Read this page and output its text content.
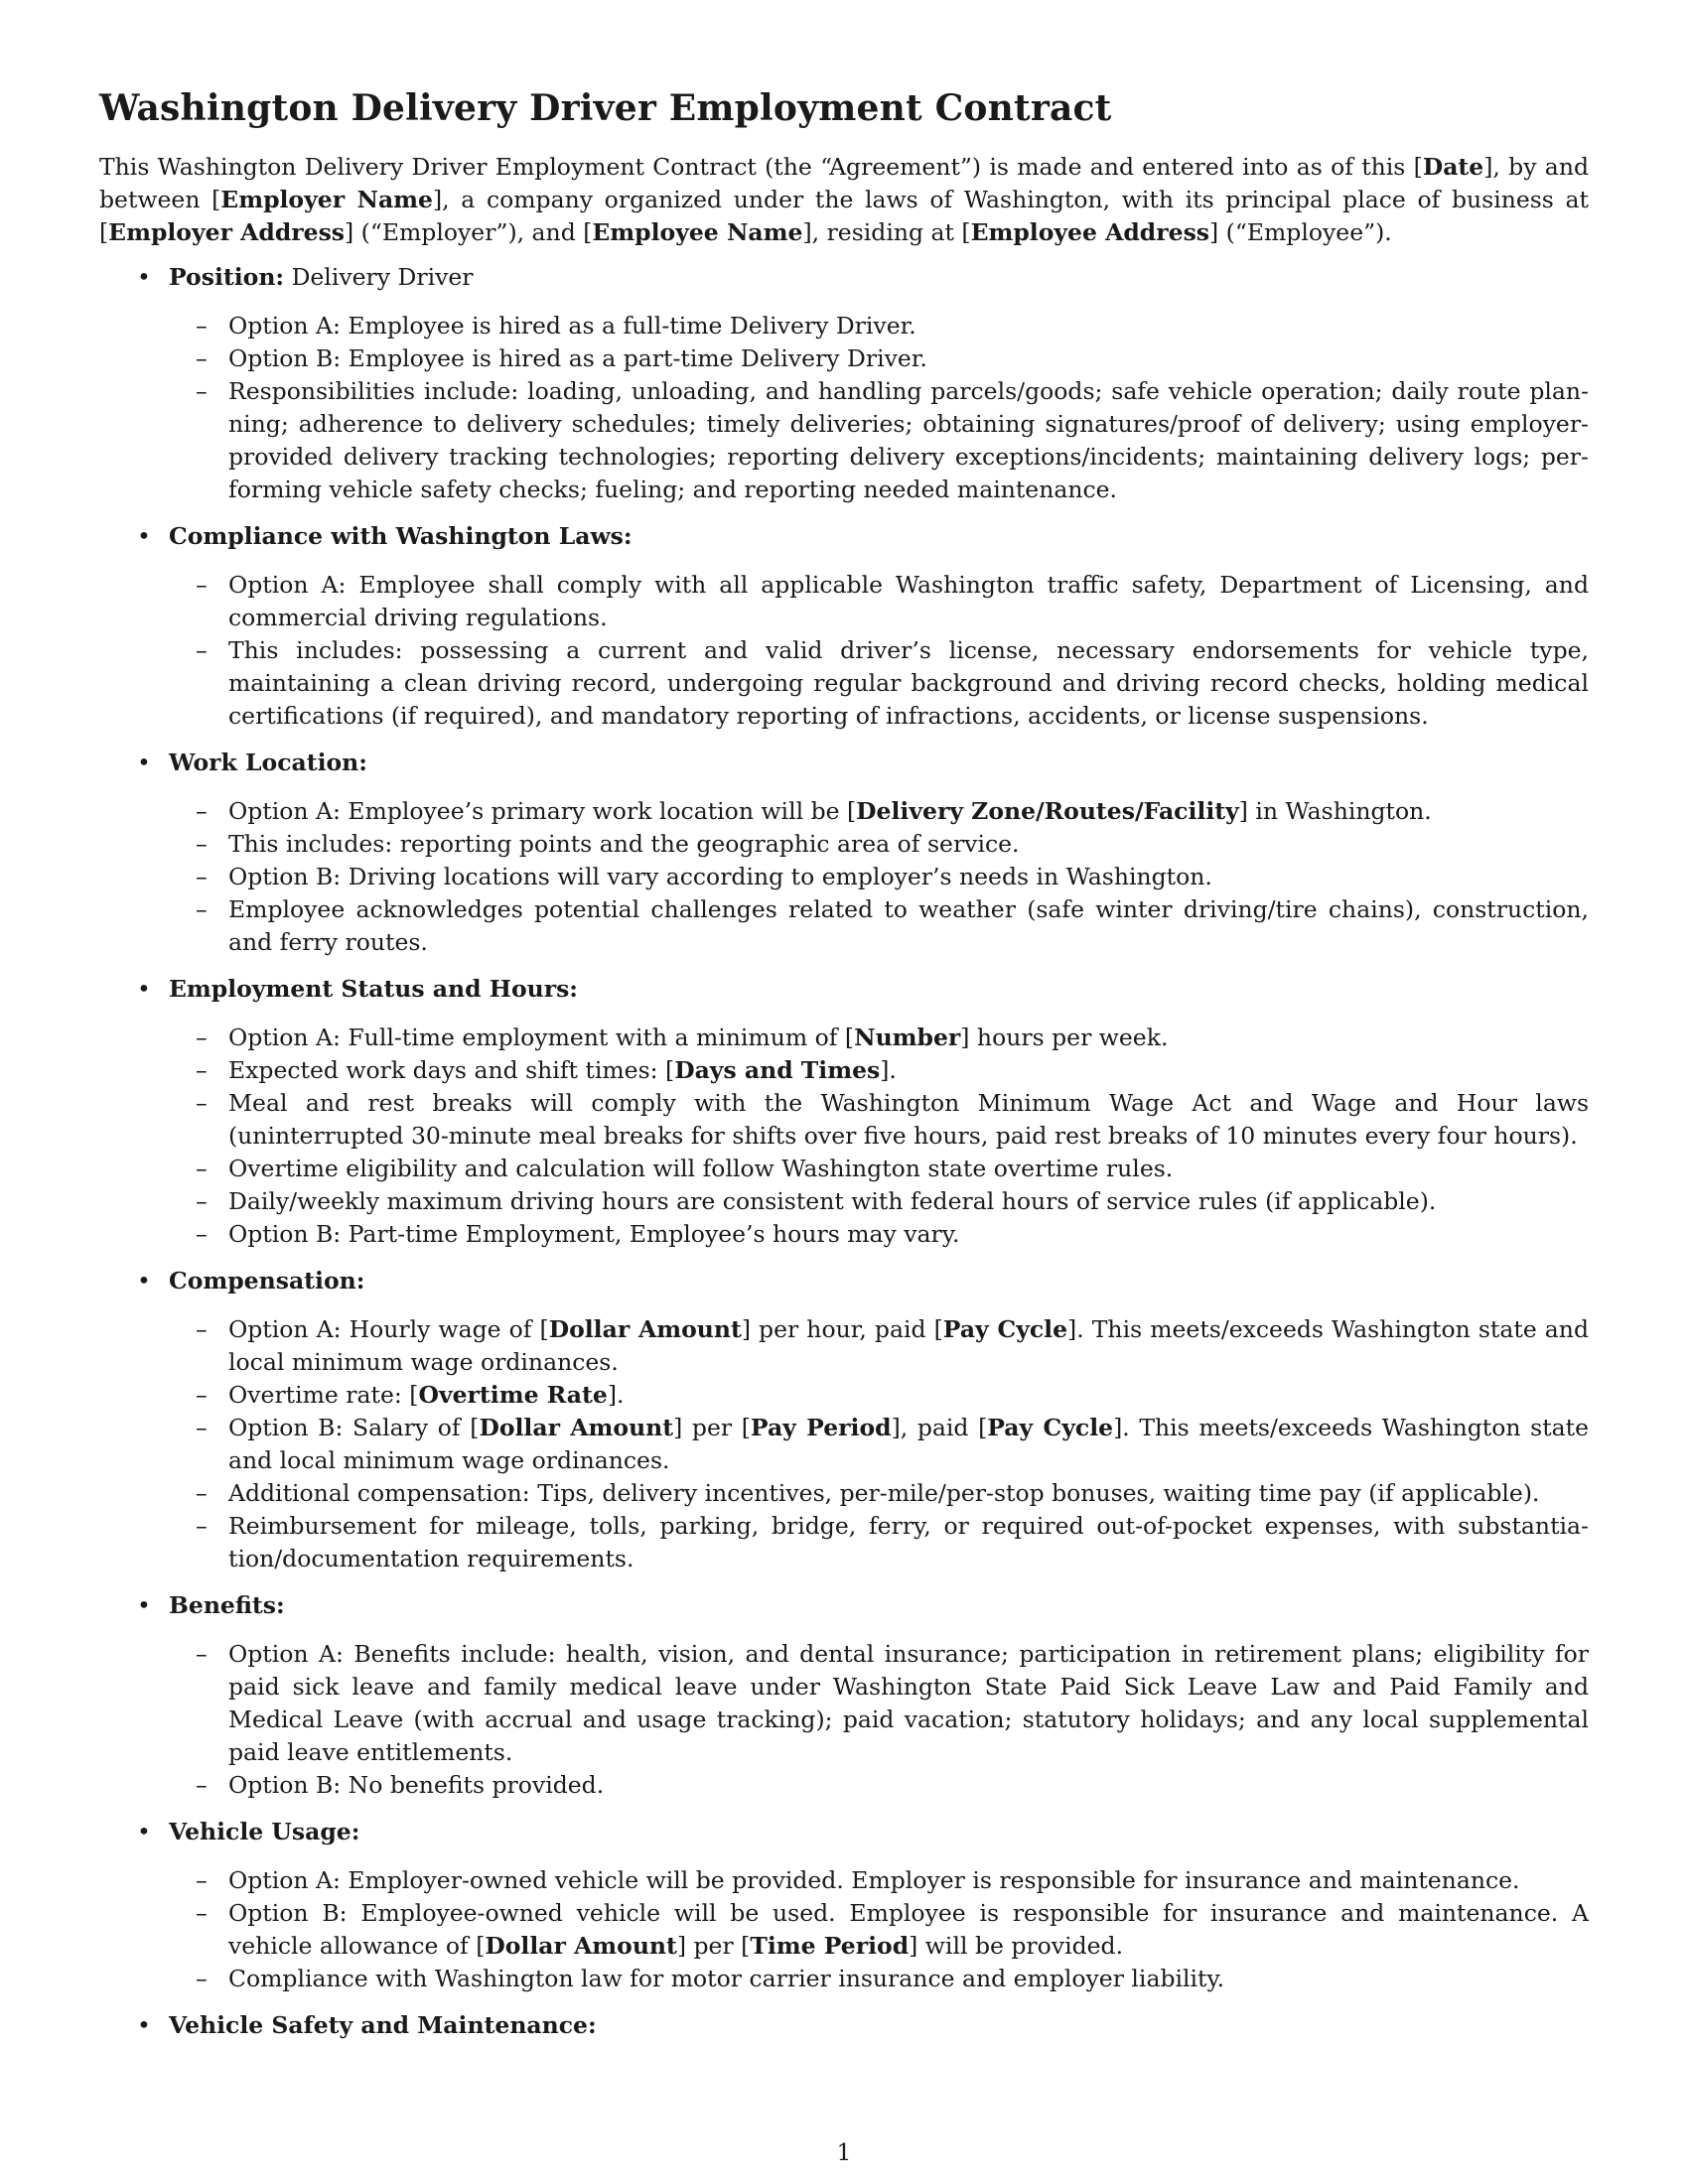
Washington Delivery Driver Employment Contract

This Washington Delivery Driver Employment Contract (the “Agreement”) is made and entered into as of this [Date], by and between [Employer Name], a company organized under the laws of Washington, with its principal place of business at [Employer Address] (“Employer”), and [Employee Name], residing at [Employee Address] (“Employee”).

• Position: Delivery Driver
– Option A: Employee is hired as a full-time Delivery Driver.
– Option B: Employee is hired as a part-time Delivery Driver.
– Responsibilities include: loading, unloading, and handling parcels/goods; safe vehicle operation; daily route planning; adherence to delivery schedules; timely deliveries; obtaining signatures/proof of delivery; using employer-provided delivery tracking technologies; reporting delivery exceptions/incidents; maintaining delivery logs; performing vehicle safety checks; fueling; and reporting needed maintenance.
• Compliance with Washington Laws:
– Option A: Employee shall comply with all applicable Washington traffic safety, Department of Licensing, and commercial driving regulations.
– This includes: possessing a current and valid driver’s license, necessary endorsements for vehicle type, maintaining a clean driving record, undergoing regular background and driving record checks, holding medical certifications (if required), and mandatory reporting of infractions, accidents, or license suspensions.
• Work Location:
– Option A: Employee’s primary work location will be [Delivery Zone/Routes/Facility] in Washington.
– This includes: reporting points and the geographic area of service.
– Option B: Driving locations will vary according to employer’s needs in Washington.
– Employee acknowledges potential challenges related to weather (safe winter driving/tire chains), construction, and ferry routes.
• Employment Status and Hours:
– Option A: Full-time employment with a minimum of [Number] hours per week.
– Expected work days and shift times: [Days and Times].
– Meal and rest breaks will comply with the Washington Minimum Wage Act and Wage and Hour laws (uninterrupted 30-minute meal breaks for shifts over five hours, paid rest breaks of 10 minutes every four hours).
– Overtime eligibility and calculation will follow Washington state overtime rules.
– Daily/weekly maximum driving hours are consistent with federal hours of service rules (if applicable).
– Option B: Part-time Employment, Employee’s hours may vary.
• Compensation:
– Option A: Hourly wage of [Dollar Amount] per hour, paid [Pay Cycle]. This meets/exceeds Washington state and local minimum wage ordinances.
– Overtime rate: [Overtime Rate].
– Option B: Salary of [Dollar Amount] per [Pay Period], paid [Pay Cycle]. This meets/exceeds Washington state and local minimum wage ordinances.
– Additional compensation: Tips, delivery incentives, per-mile/per-stop bonuses, waiting time pay (if applicable).
– Reimbursement for mileage, tolls, parking, bridge, ferry, or required out-of-pocket expenses, with substantiation/documentation requirements.
• Benefits:
– Option A: Benefits include: health, vision, and dental insurance; participation in retirement plans; eligibility for paid sick leave and family medical leave under Washington State Paid Sick Leave Law and Paid Family and Medical Leave (with accrual and usage tracking); paid vacation; statutory holidays; and any local supplemental paid leave entitlements.
– Option B: No benefits provided.
• Vehicle Usage:
– Option A: Employer-owned vehicle will be provided. Employer is responsible for insurance and maintenance.
– Option B: Employee-owned vehicle will be used. Employee is responsible for insurance and maintenance. A vehicle allowance of [Dollar Amount] per [Time Period] will be provided.
– Compliance with Washington law for motor carrier insurance and employer liability.
• Vehicle Safety and Maintenance:
1
